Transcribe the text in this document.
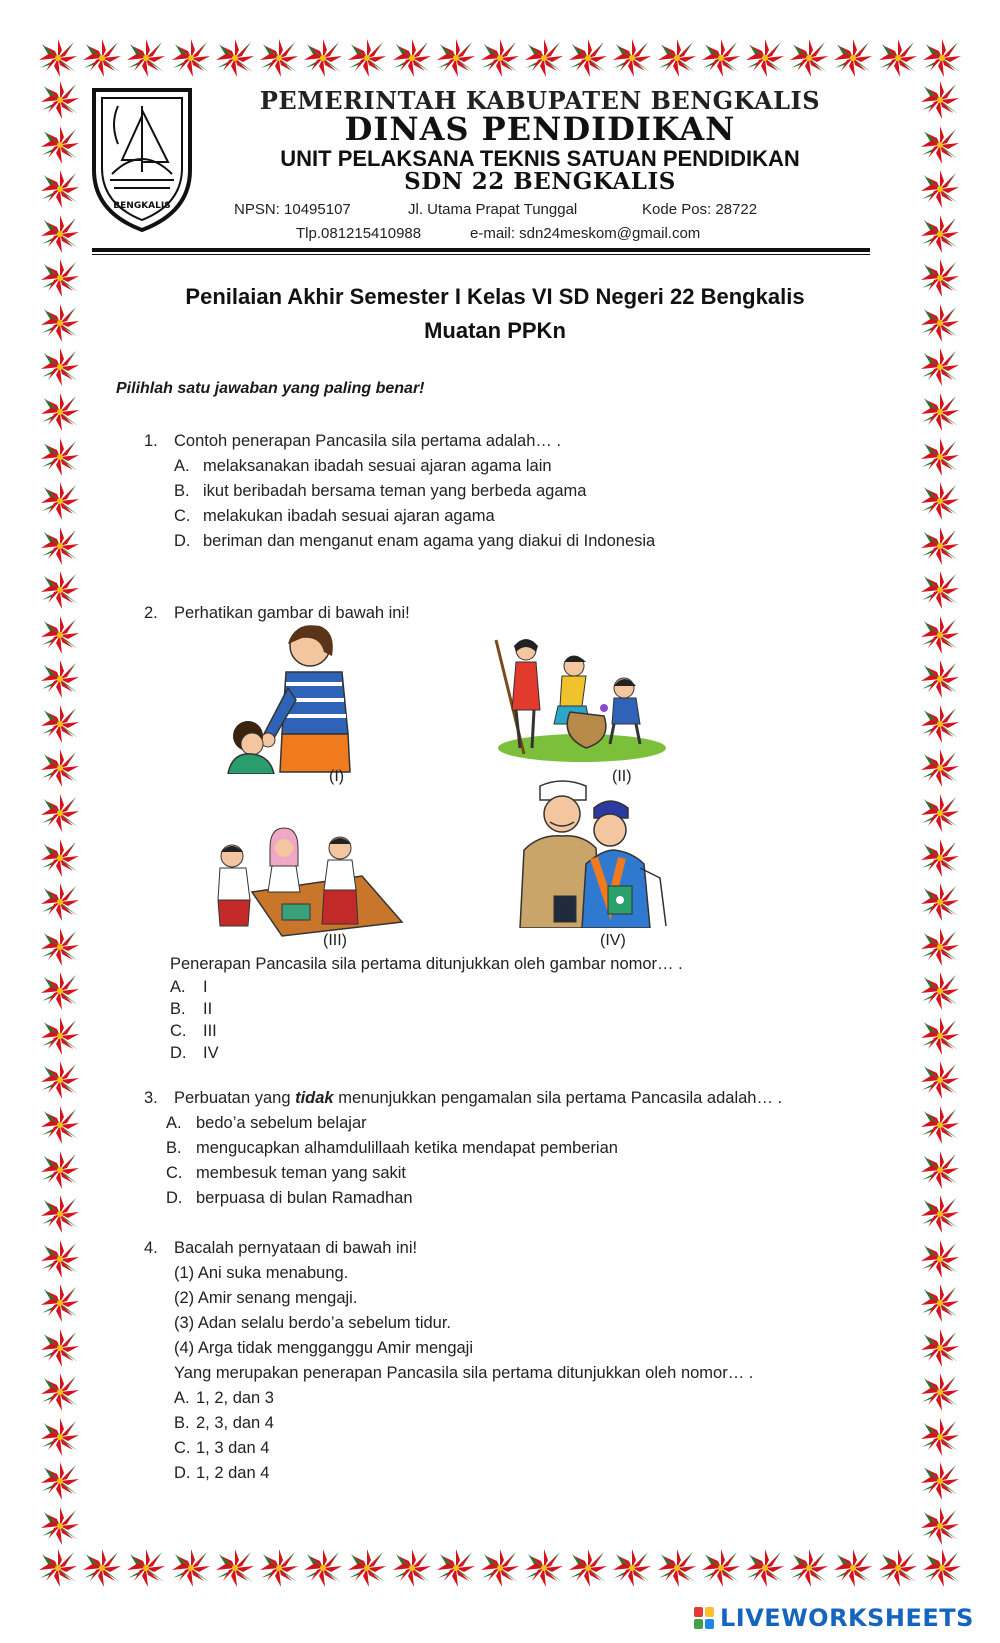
BENGKALIS
PEMERINTAH KABUPATEN BENGKALIS
DINAS PENDIDIKAN
UNIT PELAKSANA TEKNIS SATUAN PENDIDIKAN
SDN 22 BENGKALIS
NPSN: 10495107	Jl. Utama Prapat Tunggal	Kode Pos: 28722
Tlp.081215410988	e-mail: sdn24meskom@gmail.com
Penilaian Akhir Semester I Kelas VI SD Negeri 22 Bengkalis
Muatan PPKn
Pilihlah satu jawaban yang paling benar!
1. Contoh penerapan Pancasila sila pertama adalah… .
A. melaksanakan ibadah sesuai ajaran agama lain
B. ikut beribadah bersama teman yang berbeda agama
C. melakukan ibadah sesuai ajaran agama
D. beriman dan menganut enam agama yang diakui di Indonesia
2. Perhatikan gambar di bawah ini!
(I)	(II)
(III)	(IV)
Penerapan Pancasila sila pertama ditunjukkan oleh gambar nomor… .
A. I
B. II
C. III
D. IV
3. Perbuatan yang tidak menunjukkan pengamalan sila pertama Pancasila adalah… .
A. bedo’a sebelum belajar
B. mengucapkan alhamdulillaah ketika mendapat pemberian
C. membesuk teman yang sakit
D. berpuasa di bulan Ramadhan
4. Bacalah pernyataan di bawah ini!
(1) Ani suka menabung.
(2) Amir senang mengaji.
(3) Adan selalu berdo’a sebelum tidur.
(4) Arga tidak mengganggu Amir mengaji
Yang merupakan penerapan Pancasila sila pertama ditunjukkan oleh nomor… .
A. 1, 2, dan 3
B. 2, 3, dan 4
C. 1, 3 dan 4
D. 1, 2 dan 4
LIVEWORKSHEETS
